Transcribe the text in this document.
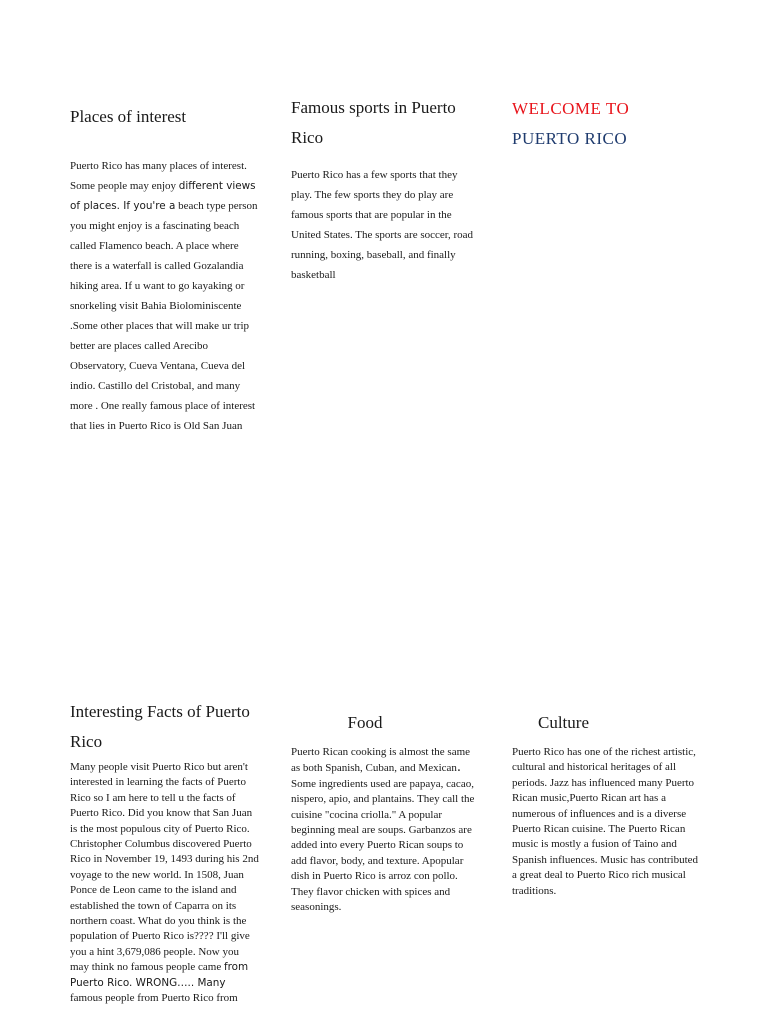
Places of interest

Puerto Rico has many places of interest. Some people may enjoy different views of places. If you're a beach type person you might enjoy is a fascinating beach called Flamenco beach. A place where there is a waterfall is called Gozalandia hiking area. If u want to go kayaking or snorkeling visit Bahia Biolominiscente .Some other places that will make ur trip better are places called Arecibo Observatory, Cueva Ventana, Cueva del indio. Castillo del Cristobal, and many more . One really famous place of interest that lies in Puerto Rico is Old San Juan

Famous sports in Puerto Rico

Puerto Rico has a few sports that they play. The few sports they do play are famous sports that are popular in the United States. The sports are soccer, road running, boxing, baseball, and finally basketball

WELCOME TO
PUERTO RICO
Interesting Facts of Puerto Rico

Many people visit Puerto Rico but aren't interested in learning the facts of Puerto Rico so I am here to tell u the facts of Puerto Rico. Did you know that San Juan is the most populous city of Puerto Rico. Christopher Columbus discovered Puerto Rico in November 19, 1493 during his 2nd voyage to the new world. In 1508, Juan Ponce de Leon came to the island and established the town of Caparra on its northern coast. What do you think is the population of Puerto Rico is???? I'll give you a hint 3,679,086 people. Now you may think no famous people came from Puerto Rico. WRONG….. Many famous people from Puerto Rico from

Food

Puerto Rican cooking is almost the same as both Spanish, Cuban, and Mexican. Some ingredients used are papaya, cacao, nispero, apio, and plantains. They call the cuisine "cocina criolla." A popular beginning meal are soups. Garbanzos are added into every Puerto Rican soups to add flavor, body, and texture. Apopular dish in Puerto Rico is arroz con pollo. They flavor chicken with spices and seasonings.

Culture

Puerto Rico has one of the richest artistic, cultural and historical heritages of all periods. Jazz has influenced many Puerto Rican music,Puerto Rican art has a numerous of influences and is a diverse Puerto Rican cuisine. The Puerto Rican music is mostly a fusion of Taino and Spanish influences. Music has contributed a great deal to Puerto Rico rich musical traditions.
